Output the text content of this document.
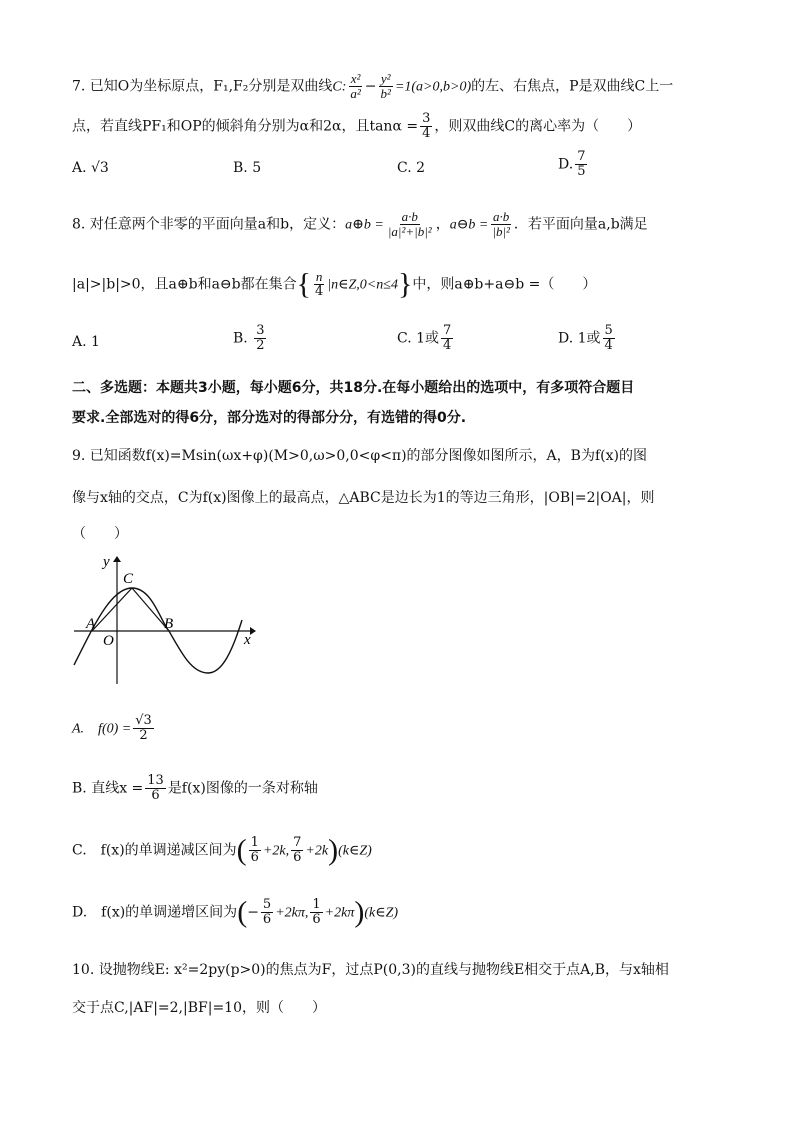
7. 已知O为坐标原点，F₁,F₂分别是双曲线C: $\frac{\text{x²}}{\text{a²}} - \frac{\text{y²}}{\text{b²}} =1(a>0,b>0)$的左、右焦点，P是双曲线C上一
点，若直线PF₁和OP的倾斜角分别为α和2α，且$\tan\alpha = \frac{3}{4}$ ，则双曲线C的离心率为（　　）
A. √3	B. 5	C. 2	D. $\frac{7}{5}$
8. 对任意两个非零的平面向量a和b，定义：a⊕b = $\frac{a\cdot b}{\text{|a|²+|b|²}}$ ，a⊖b = $\frac{a\cdot b}{\text{|b|²}}$ ．若平面向量a,b满足
|a|>|b|>0，且a⊕b和a⊖b都在集合{ $\frac{n}{4}$ |n∈Z,0<n≤4}中，则a⊕b+a⊖b =（　　）
A. 1	B. $\frac{3}{2}$	C. 1或 $\frac{7}{4}$	D. 1或 $\frac{5}{4}$
二、多选题：本题共3小题，每小题6分，共18分.在每小题给出的选项中，有多项符合题目
要求.全部选对的得6分，部分选对的得部分分，有选错的得0分.
9. 已知函数f(x)=Msin(ωx+φ)(M>0,ω>0,0<φ<π)的部分图像如图所示，A，B为f(x)的图
像与x轴的交点，C为f(x)图像上的最高点，△ABC是边长为1的等边三角形，|OB|=2|OA|，则
（　　）
y
x
C
A
O
B
A.　$f(0) = \frac{√3}{2}$
B. 直线$x = \frac{13}{6}$ 是f(x)图像的一条对称轴
C.　f(x)的单调递减区间为( $\frac{1}{6} +2k$, $\frac{7}{6}$ +2k)(k∈Z)
D.　f(x)的单调递增区间为(− $\frac{5}{6} +2k\pi$, $\frac{1}{6}$ +2kπ)(k∈Z)
10. 设抛物线E: x²=2py(p>0)的焦点为F，过点P(0,3)的直线与抛物线E相交于点A,B，与x轴相
交于点C,|AF|=2,|BF|=10，则（　　）
